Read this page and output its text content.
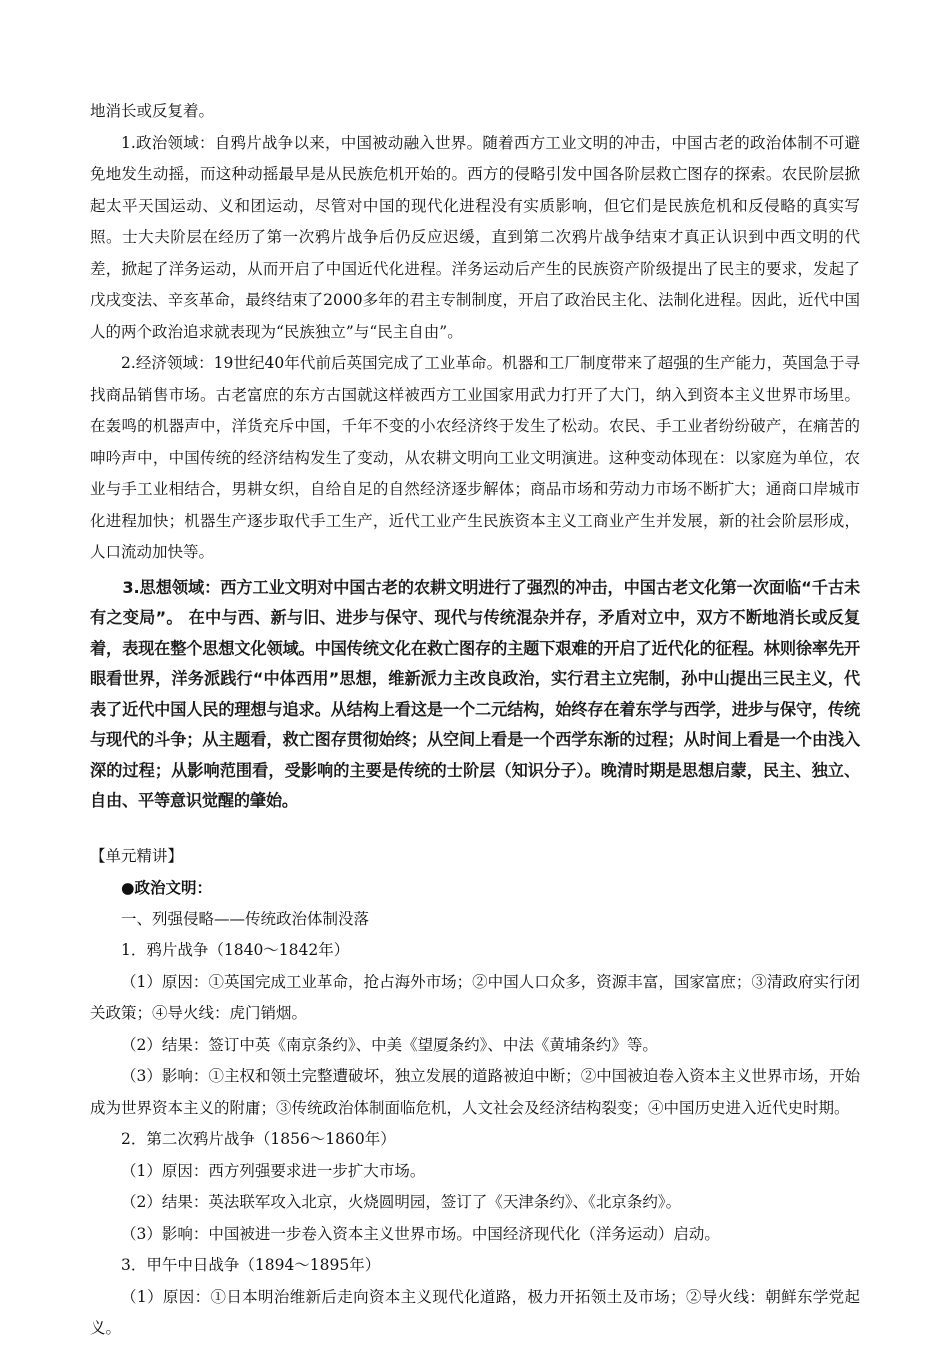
地消长或反复着。

1.政治领域：自鸦片战争以来，中国被动融入世界。随着西方工业文明的冲击，中国古老的政治体制不可避免地发生动摇，而这种动摇最早是从民族危机开始的。西方的侵略引发中国各阶层救亡图存的探索。农民阶层掀起太平天国运动、义和团运动，尽管对中国的现代化进程没有实质影响，但它们是民族危机和反侵略的真实写照。士大夫阶层在经历了第一次鸦片战争后仍反应迟缓，直到第二次鸦片战争结束才真正认识到中西文明的代差，掀起了洋务运动，从而开启了中国近代化进程。洋务运动后产生的民族资产阶级提出了民主的要求，发起了戊戌变法、辛亥革命，最终结束了2000多年的君主专制制度，开启了政治民主化、法制化进程。因此，近代中国人的两个政治追求就表现为“民族独立”与“民主自由”。

2.经济领域：19世纪40年代前后英国完成了工业革命。机器和工厂制度带来了超强的生产能力，英国急于寻找商品销售市场。古老富庶的东方古国就这样被西方工业国家用武力打开了大门，纳入到资本主义世界市场里。在轰鸣的机器声中，洋货充斥中国，千年不变的小农经济终于发生了松动。农民、手工业者纷纷破产，在痛苦的呻吟声中，中国传统的经济结构发生了变动，从农耕文明向工业文明演进。这种变动体现在：以家庭为单位，农业与手工业相结合，男耕女织，自给自足的自然经济逐步解体；商品市场和劳动力市场不断扩大；通商口岸城市化进程加快；机器生产逐步取代手工生产，近代工业产生民族资本主义工商业产生并发展，新的社会阶层形成，人口流动加快等。

3.思想领域：西方工业文明对中国古老的农耕文明进行了强烈的冲击，中国古老文化第一次面临“千古未有之变局”。 在中与西、新与旧、进步与保守、现代与传统混杂并存，矛盾对立中，双方不断地消长或反复着，表现在整个思想文化领域。中国传统文化在救亡图存的主题下艰难的开启了近代化的征程。林则徐率先开眼看世界，洋务派践行“中体西用”思想，维新派力主改良政治，实行君主立宪制，孙中山提出三民主义，代表了近代中国人民的理想与追求。从结构上看这是一个二元结构，始终存在着东学与西学，进步与保守，传统与现代的斗争；从主题看，救亡图存贯彻始终；从空间上看是一个西学东渐的过程；从时间上看是一个由浅入深的过程；从影响范围看，受影响的主要是传统的士阶层（知识分子）。晚清时期是思想启蒙，民主、独立、自由、平等意识觉醒的肇始。

【单元精讲】

●政治文明：

一、列强侵略——传统政治体制没落

1．鸦片战争（1840～1842年）

（1）原因：①英国完成工业革命，抢占海外市场；②中国人口众多，资源丰富，国家富庶；③清政府实行闭关政策；④导火线：虎门销烟。

（2）结果：签订中英《南京条约》、中美《望厦条约》、中法《黄埔条约》等。

（3）影响：①主权和领土完整遭破坏，独立发展的道路被迫中断；②中国被迫卷入资本主义世界市场，开始成为世界资本主义的附庸；③传统政治体制面临危机，人文社会及经济结构裂变；④中国历史进入近代史时期。

2．第二次鸦片战争（1856～1860年）

（1）原因：西方列强要求进一步扩大市场。

（2）结果：英法联军攻入北京，火烧圆明园，签订了《天津条约》、《北京条约》。

（3）影响：中国被进一步卷入资本主义世界市场。中国经济现代化（洋务运动）启动。

3．甲午中日战争（1894～1895年）

（1）原因：①日本明治维新后走向资本主义现代化道路，极力开拓领土及市场；②导火线：朝鲜东学党起义。
